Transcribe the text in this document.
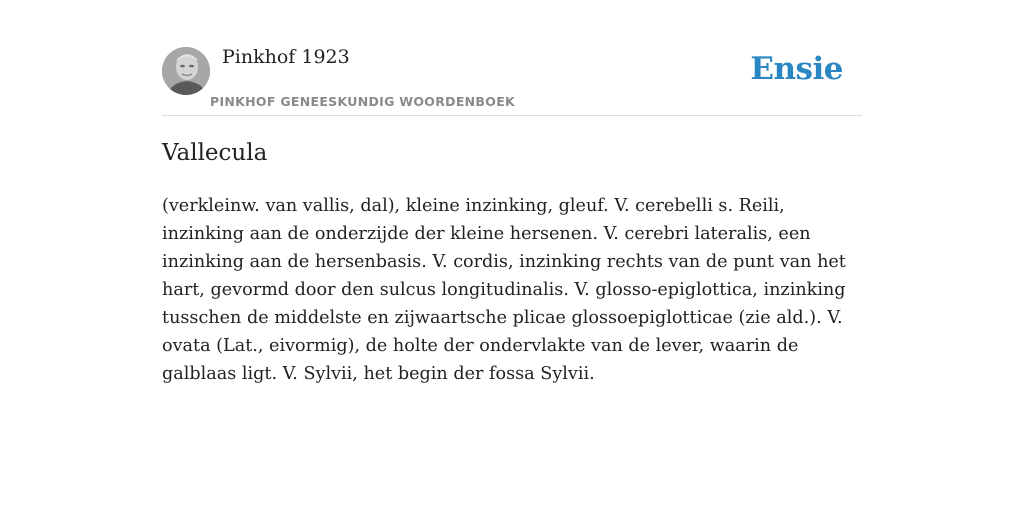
Pinkhof 1923
PINKHOF GENEESKUNDIG WOORDENBOEK
Ensie
Vallecula

(verkleinw. van vallis, dal), kleine inzinking, gleuf. V. cerebelli s. Reili, inzinking aan de onderzijde der kleine hersenen. V. cerebri lateralis, een inzinking aan de hersenbasis. V. cordis, inzinking rechts van de punt van het hart, gevormd door den sulcus longitudinalis. V. glosso-epiglottica, inzinking tusschen de middelste en zijwaartsche plicae glossoepiglotticae (zie ald.). V. ovata (Lat., eivormig), de holte der ondervlakte van de lever, waarin de galblaas ligt. V. Sylvii, het begin der fossa Sylvii.
